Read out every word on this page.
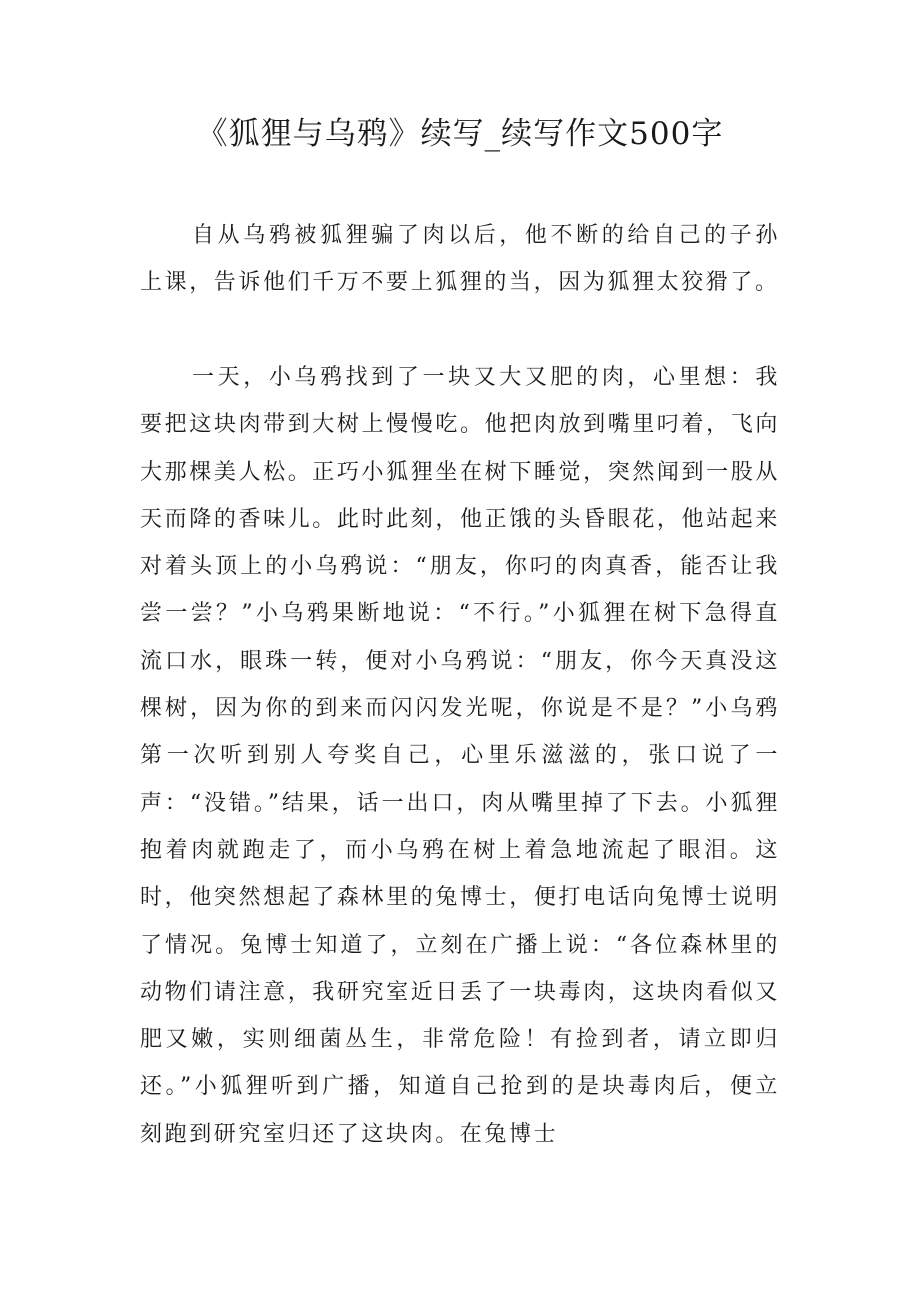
《狐狸与乌鸦》续写_续写作文500字

自从乌鸦被狐狸骗了肉以后，他不断的给自己的子孙上课，告诉他们千万不要上狐狸的当，因为狐狸太狡猾了。

一天，小乌鸦找到了一块又大又肥的肉，心里想：我要把这块肉带到大树上慢慢吃。他把肉放到嘴里叼着，飞向大那棵美人松。正巧小狐狸坐在树下睡觉，突然闻到一股从天而降的香味儿。此时此刻，他正饿的头昏眼花，他站起来对着头顶上的小乌鸦说：“朋友，你叼的肉真香，能否让我尝一尝？”小乌鸦果断地说：“不行。”小狐狸在树下急得直流口水，眼珠一转，便对小乌鸦说：“朋友，你今天真没这棵树，因为你的到来而闪闪发光呢，你说是不是？”小乌鸦第一次听到别人夸奖自己，心里乐滋滋的，张口说了一声：“没错。”结果，话一出口，肉从嘴里掉了下去。小狐狸抱着肉就跑走了，而小乌鸦在树上着急地流起了眼泪。这时，他突然想起了森林里的兔博士，便打电话向兔博士说明了情况。兔博士知道了，立刻在广播上说：“各位森林里的动物们请注意，我研究室近日丢了一块毒肉，这块肉看似又肥又嫩，实则细菌丛生，非常危险！有捡到者，请立即归还。”小狐狸听到广播，知道自己抢到的是块毒肉后，便立刻跑到研究室归还了这块肉。在兔博士
